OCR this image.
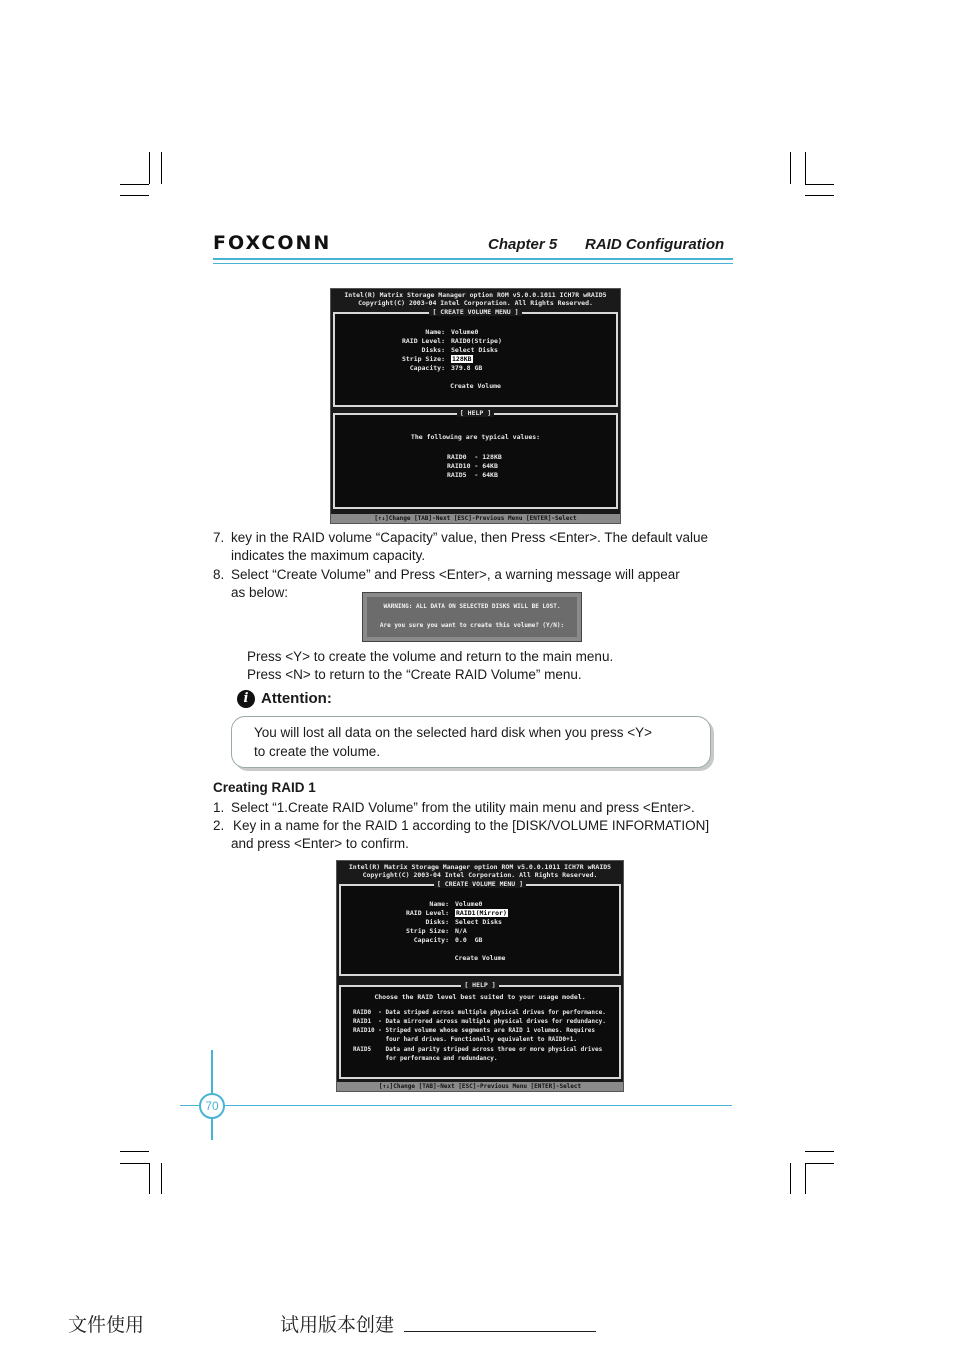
FOXCONN	Chapter 5 RAID Configuration
Intel(R) Matrix Storage Manager option ROM v5.0.0.1011 ICH7R wRAID5
Copyright(C) 2003-04 Intel Corporation. All Rights Reserved.
[ CREATE VOLUME MENU ]
Name: Volume0
RAID Level: RAID0(Stripe)
Disks: Select Disks
Strip Size: 128KB
Capacity: 379.8 GB
Create Volume
[ HELP ]
The following are typical values:
RAID0  - 128KB
RAID10 - 64KB
RAID5  - 64KB
[↑↓]Change [TAB]-Next [ESC]-Previous Menu [ENTER]-Select
7. key in the RAID volume “Capacity” value, then Press <Enter>. The default value
indicates the maximum capacity.
8. Select “Create Volume” and Press <Enter>, a warning message will appear
as below:
WARNING: ALL DATA ON SELECTED DISKS WILL BE LOST.
Are you sure you want to create this volume? (Y/N):
Press <Y> to create the volume and return to the main menu.
Press <N> to return to the “Create RAID Volume” menu.
i Attention:
You will lost all data on the selected hard disk when you press <Y>
to create the volume.
Creating RAID 1
1. Select “1.Create RAID Volume” from the utility main menu and press <Enter>.
2. Key in a name for the RAID 1 according to the [DISK/VOLUME INFORMATION]
and press <Enter> to confirm.
Intel(R) Matrix Storage Manager option ROM v5.0.0.1011 ICH7R wRAID5
Copyright(C) 2003-04 Intel Corporation. All Rights Reserved.
[ CREATE VOLUME MENU ]
Name: Volume0
RAID Level: RAID1(Mirror)
Disks: Select Disks
Strip Size: N/A
Capacity: 0.0  GB
Create Volume
[ HELP ]
Choose the RAID level best suited to your usage model.
RAID0  - Data striped across multiple physical drives for performance.
RAID1  - Data mirrored across multiple physical drives for redundancy.
RAID10 - Striped volume whose segments are RAID 1 volumes. Requires
four hard drives. Functionally equivalent to RAID0+1.
RAID5    Data and parity striped across three or more physical drives
for performance and redundancy.
[↑↓]Change [TAB]-Next [ESC]-Previous Menu [ENTER]-Select
70
文件使用	试用版本创建
